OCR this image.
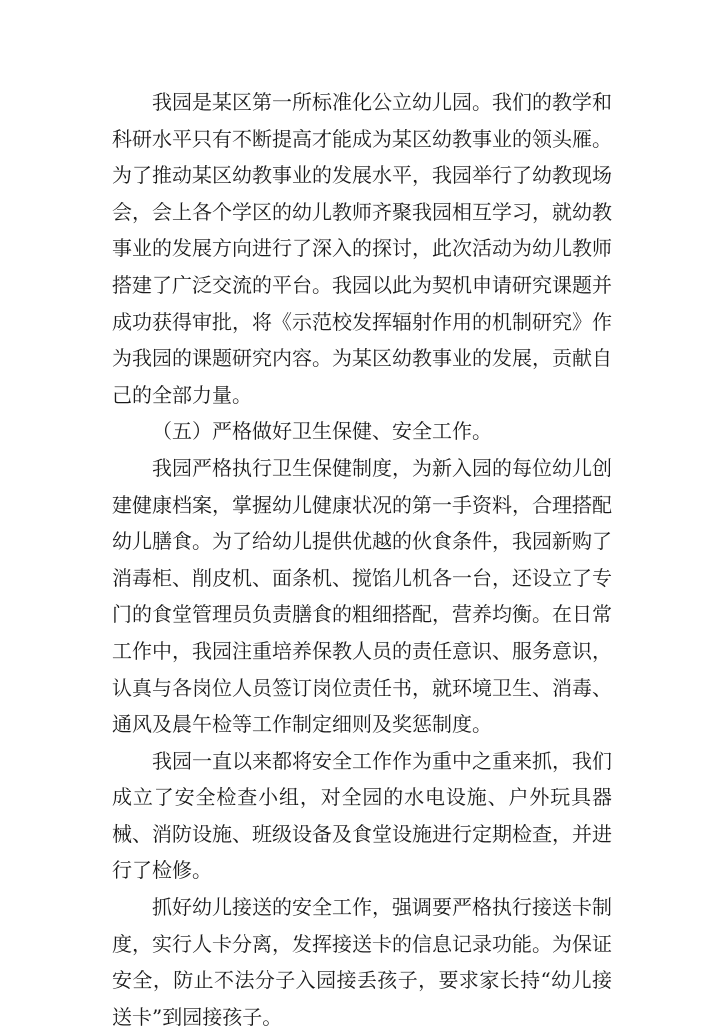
我园是某区第一所标准化公立幼儿园。我们的教学和科研水平只有不断提高才能成为某区幼教事业的领头雁。为了推动某区幼教事业的发展水平，我园举行了幼教现场会，会上各个学区的幼儿教师齐聚我园相互学习，就幼教事业的发展方向进行了深入的探讨，此次活动为幼儿教师搭建了广泛交流的平台。我园以此为契机申请研究课题并成功获得审批，将《示范校发挥辐射作用的机制研究》作为我园的课题研究内容。为某区幼教事业的发展，贡献自己的全部力量。

（五）严格做好卫生保健、安全工作。

我园严格执行卫生保健制度，为新入园的每位幼儿创建健康档案，掌握幼儿健康状况的第一手资料，合理搭配幼儿膳食。为了给幼儿提供优越的伙食条件，我园新购了消毒柜、削皮机、面条机、搅馅儿机各一台，还设立了专门的食堂管理员负责膳食的粗细搭配，营养均衡。在日常工作中，我园注重培养保教人员的责任意识、服务意识，认真与各岗位人员签订岗位责任书，就环境卫生、消毒、通风及晨午检等工作制定细则及奖惩制度。

我园一直以来都将安全工作作为重中之重来抓，我们成立了安全检查小组，对全园的水电设施、户外玩具器械、消防设施、班级设备及食堂设施进行定期检查，并进行了检修。

抓好幼儿接送的安全工作，强调要严格执行接送卡制度，实行人卡分离，发挥接送卡的信息记录功能。为保证安全，防止不法分子入园接丢孩子，要求家长持“幼儿接送卡”到园接孩子。
